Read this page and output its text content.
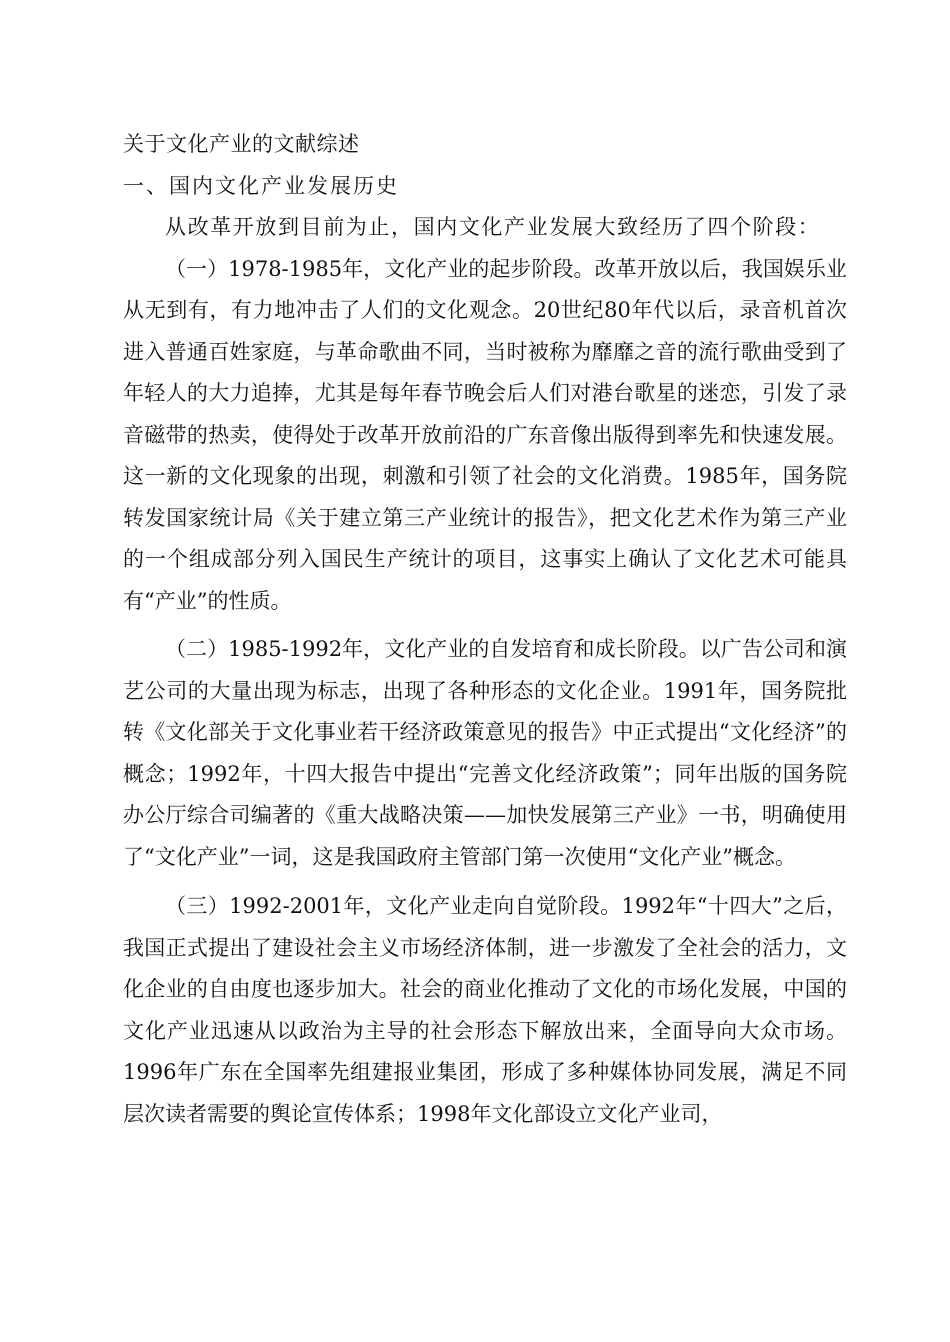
关于文化产业的文献综述

一、国内文化产业发展历史

从改革开放到目前为止，国内文化产业发展大致经历了四个阶段：

（一）1978-1985年，文化产业的起步阶段。改革开放以后，我国娱乐业从无到有，有力地冲击了人们的文化观念。20世纪80年代以后，录音机首次进入普通百姓家庭，与革命歌曲不同，当时被称为靡靡之音的流行歌曲受到了年轻人的大力追捧，尤其是每年春节晚会后人们对港台歌星的迷恋，引发了录音磁带的热卖，使得处于改革开放前沿的广东音像出版得到率先和快速发展。这一新的文化现象的出现，刺激和引领了社会的文化消费。1985年，国务院转发国家统计局《关于建立第三产业统计的报告》，把文化艺术作为第三产业的一个组成部分列入国民生产统计的项目，这事实上确认了文化艺术可能具有“产业”的性质。

（二）1985-1992年，文化产业的自发培育和成长阶段。以广告公司和演艺公司的大量出现为标志，出现了各种形态的文化企业。1991年，国务院批转《文化部关于文化事业若干经济政策意见的报告》中正式提出“文化经济”的概念；1992年，十四大报告中提出“完善文化经济政策”；同年出版的国务院办公厅综合司编著的《重大战略决策——加快发展第三产业》一书，明确使用了“文化产业”一词，这是我国政府主管部门第一次使用“文化产业”概念。

（三）1992-2001年，文化产业走向自觉阶段。1992年“十四大”之后，我国正式提出了建设社会主义市场经济体制，进一步激发了全社会的活力，文化企业的自由度也逐步加大。社会的商业化推动了文化的市场化发展，中国的文化产业迅速从以政治为主导的社会形态下解放出来，全面导向大众市场。1996年广东在全国率先组建报业集团，形成了多种媒体协同发展，满足不同层次读者需要的舆论宣传体系；1998年文化部设立文化产业司，
